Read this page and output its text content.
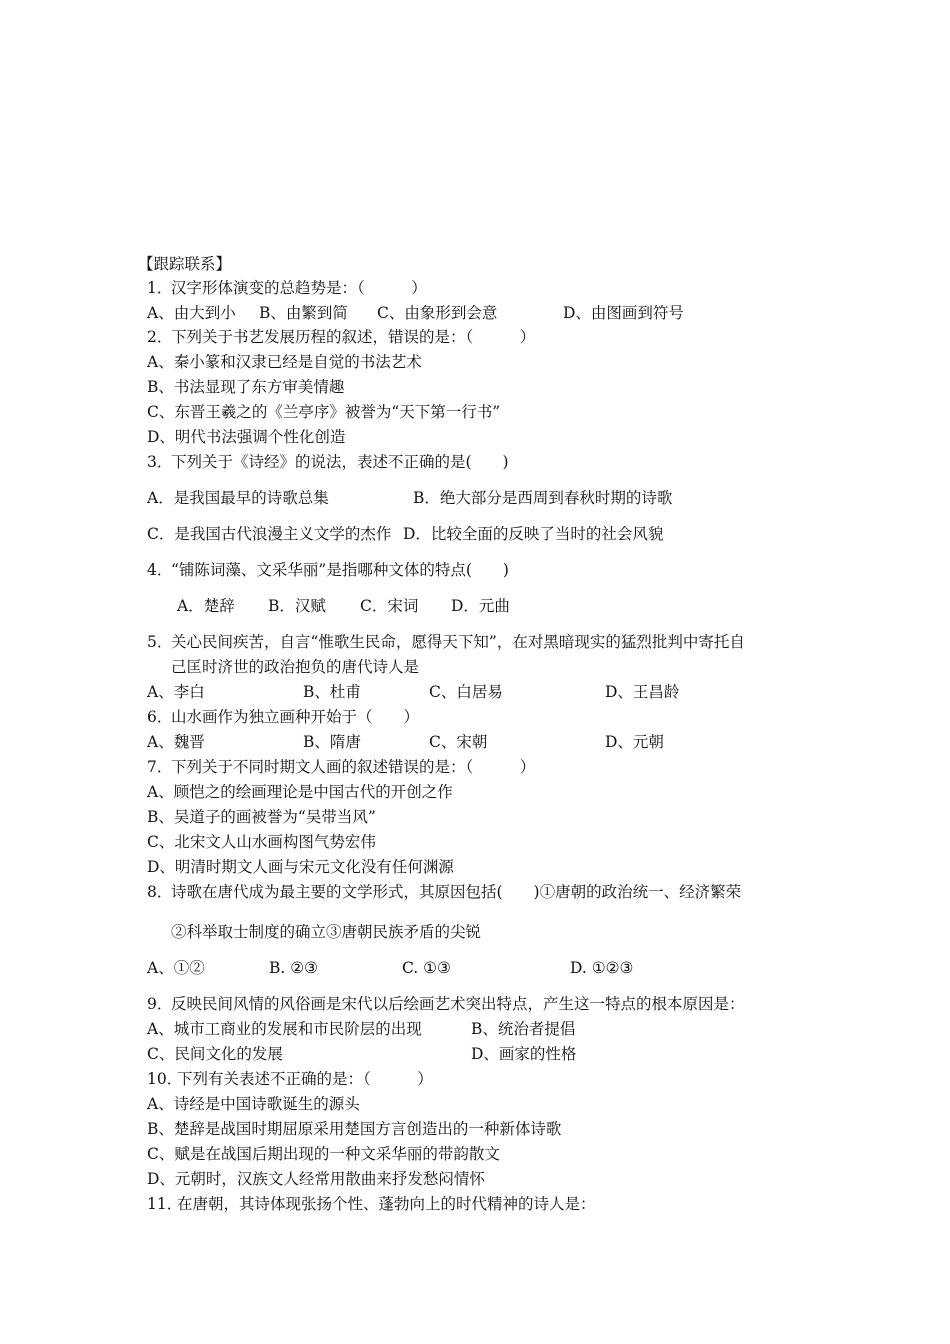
【跟踪联系】
1．
汉字形体演变的总趋势是：（　　　）
A、由大到小 B、由繁到简 C、由象形到会意	D、由图画到符号
2．
下列关于书艺发展历程的叙述，错误的是：（　　　）
A、秦小篆和汉隶已经是自觉的书法艺术
B、书法显现了东方审美情趣
C、东晋王羲之的《兰亭序》被誉为“天下第一行书”
D、明代书法强调个性化创造
3．
下列关于《诗经》的说法，表述不正确的是(　　)
A．是我国最早的诗歌总集	B．绝大部分是西周到春秋时期的诗歌
C．是我国古代浪漫主义文学的杰作 D．比较全面的反映了当时的社会风貌
4．
“铺陈词藻、文采华丽”是指哪种文体的特点(　　)
A．楚辞 B．汉赋 C．宋词 D．元曲
5．
关心民间疾苦，自言“惟歌生民命，愿得天下知”，在对黑暗现实的猛烈批判中寄托自
己匡时济世的政治抱负的唐代诗人是
A、李白	B、杜甫	C、白居易	D、王昌龄
6．
山水画作为独立画种开始于（　　）
A、魏晋	B、隋唐	C、宋朝	D、元朝
7．
下列关于不同时期文人画的叙述错误的是：（　　　）
A、顾恺之的绘画理论是中国古代的开创之作
B、吴道子的画被誉为“吴带当风”
C、北宋文人山水画构图气势宏伟
D、明清时期文人画与宋元文化没有任何渊源
8．
诗歌在唐代成为最主要的文学形式，其原因包括(　　)①唐朝的政治统一、经济繁荣
②科举取士制度的确立③唐朝民族矛盾的尖锐
A、①②	B. ②③	C. ①③	D. ①②③
9．
反映民间风情的风俗画是宋代以后绘画艺术突出特点，产生这一特点的根本原因是：
A、城市工商业的发展和市民阶层的出现	B、统治者提倡
C、民间文化的发展	D、画家的性格
10．
下列有关表述不正确的是：（　　　）
A、诗经是中国诗歌诞生的源头
B、楚辞是战国时期屈原采用楚国方言创造出的一种新体诗歌
C、赋是在战国后期出现的一种文采华丽的带韵散文
D、元朝时，汉族文人经常用散曲来抒发愁闷情怀
11．
在唐朝，其诗体现张扬个性、蓬勃向上的时代精神的诗人是：
